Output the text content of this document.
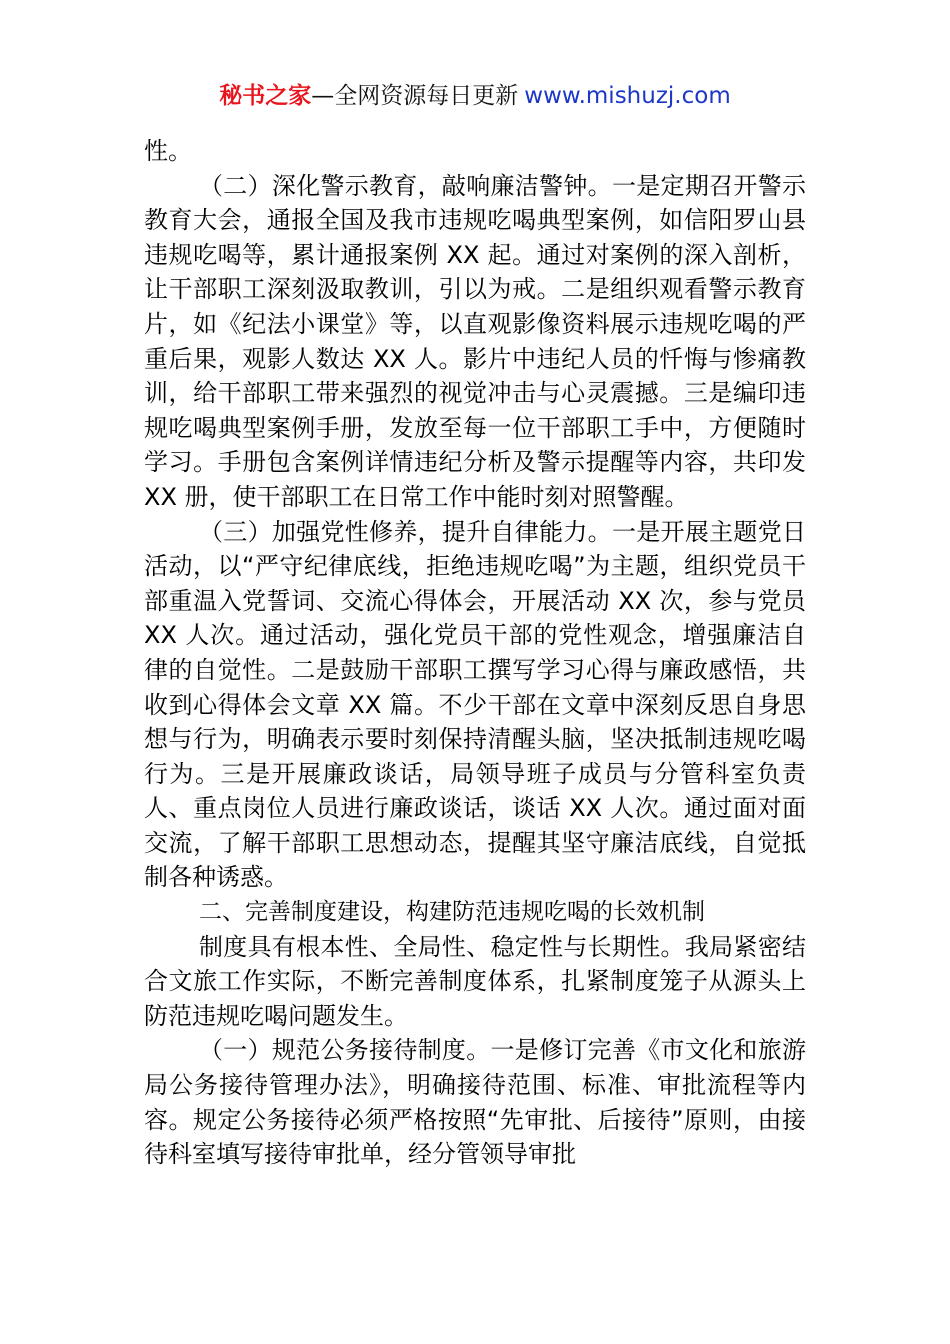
秘书之家—全网资源每日更新 www.mishuzj.com

性。

（二）深化警示教育，敲响廉洁警钟。一是定期召开警示教育大会，通报全国及我市违规吃喝典型案例，如信阳罗山县违规吃喝等，累计通报案例 XX 起。通过对案例的深入剖析，让干部职工深刻汲取教训，引以为戒。二是组织观看警示教育片，如《纪法小课堂》等，以直观影像资料展示违规吃喝的严重后果，观影人数达 XX 人。影片中违纪人员的忏悔与惨痛教训，给干部职工带来强烈的视觉冲击与心灵震撼。三是编印违规吃喝典型案例手册，发放至每一位干部职工手中，方便随时学习。手册包含案例详情违纪分析及警示提醒等内容，共印发 XX 册，使干部职工在日常工作中能时刻对照警醒。

（三）加强党性修养，提升自律能力。一是开展主题党日活动，以“严守纪律底线，拒绝违规吃喝”为主题，组织党员干部重温入党誓词、交流心得体会，开展活动 XX 次，参与党员 XX 人次。通过活动，强化党员干部的党性观念，增强廉洁自律的自觉性。二是鼓励干部职工撰写学习心得与廉政感悟，共收到心得体会文章 XX 篇。不少干部在文章中深刻反思自身思想与行为，明确表示要时刻保持清醒头脑，坚决抵制违规吃喝行为。三是开展廉政谈话，局领导班子成员与分管科室负责人、重点岗位人员进行廉政谈话，谈话 XX 人次。通过面对面交流，了解干部职工思想动态，提醒其坚守廉洁底线，自觉抵制各种诱惑。

二、完善制度建设，构建防范违规吃喝的长效机制

制度具有根本性、全局性、稳定性与长期性。我局紧密结合文旅工作实际，不断完善制度体系，扎紧制度笼子从源头上防范违规吃喝问题发生。

（一）规范公务接待制度。一是修订完善《市文化和旅游局公务接待管理办法》，明确接待范围、标准、审批流程等内容。规定公务接待必须严格按照“先审批、后接待”原则，由接待科室填写接待审批单，经分管领导审批
